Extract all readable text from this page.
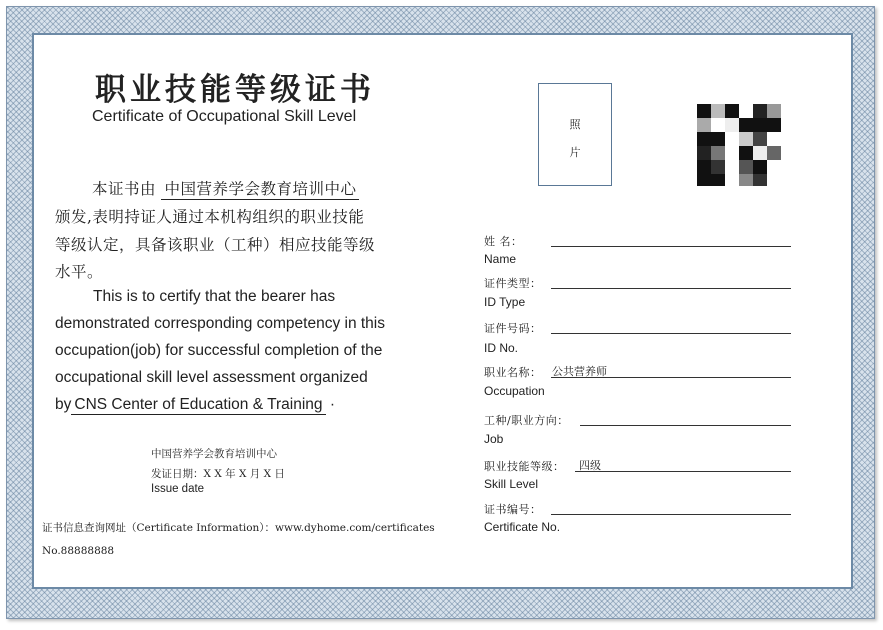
职业技能等级证书
Certificate of Occupational Skill Level
本证书由 中国营养学会教育培训中心
颁发,表明持证人通过本机构组织的职业技能
等级认定，具备该职业（工种）相应技能等级
水平。
This is to certify that the bearer has
demonstrated corresponding competency in this
occupation(job) for successful completion of the
occupational skill level assessment organized
by CNS Center of Education & Training ·
中国营养学会教育培训中心
发证日期：X X 年 X 月 X 日
Issue date
证书信息查询网址（Certificate Information）：www.dyhome.com/certificates
No.88888888
照
片
姓 名：
Name
证件类型：
ID Type
证件号码：
ID No.
职业名称： 公共营养师
Occupation
工种/职业方向：
Job
职业技能等级： 四级
Skill Level
证书编号：
Certificate No.
